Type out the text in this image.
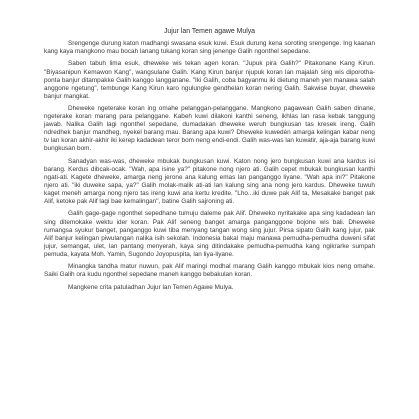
Jujur lan Temen agawe Mulya

Srengenge durung katon madhangi swasana esuk kuwi. Esuk durung kena soroting srengenge. Ing kaanan kang kaya mangkono mau bocah lanang tukang koran sing jenenge Galih ngonthel sepedane.

Saben tabuh lima esuk, dheweke wis tekan agen koran. "Jupuk pira Galih?" Pitakonane Kang Kirun. "Biyasanipun Kemawon Kang", wangsulane Galih. Kang Kirun banjur njupuk koran lan majalah sing wis diporotha-ponta banjur ditampakke Galih kanggo langganane. "Iki Galih, coba bagyanmu iki dietung maneh yen manawa salah anggone ngetung", tembunge Kang Kirun karo ngulungke gendhelan koran nering Galih. Sakwise buyar, dheweke banjur mangkat.

Dheweke ngeterake koran ing omahe pelanggan-pelanggane. Mangkono pagawean Galih saben dinane, ngeterake koran marang para pelanggane. Kabeh kuwi dilakoni kanthi seneng, ikhlas lan rasa kebak tanggung jawab. Nalika Galih lagi ngonthel sepedane, dumadakan dheweke weruh bungkusan tas kresek ireng. Galih ndredhek banjur mandheg, nyekel barang mau. Barang apa kuwi? Dheweke kuwedén amarga kelingan kabar neng tv lan koran akhir-akhir iki kerep kadadean teror bom neng endi-endi. Galih was-was lan kuwatir, aja-aja barang kuwi bungkusan bom.

Sanadyan was-was, dheweke mbukak bungkusan kuwi. Katon nong jero bungkusan kuwi ana kardus isi barang. Kerdus dibcak-ocak. "Wah, apa isine ya?" pitakone nong njero ati. Galih cepet mbukak bungkusan kanthi ngati-ati. Kagete dheweke, amarga neng jerone ana kalung emas lan panganggo liyane. "Wah apa ini?" Pitakone njero ati. "iki duweke sapa, ya?" Galih molak-malik ati-ati lan kalung sing ana nong jero kardus. Dheweke tuwuh kaget meneh amarga nong njero tas ireng kuwi ana kertu kredite. "Lho...iki duwe pak Alif ta, Mesakake banget pak Alif, ketoke pak Alif lagi bae kemalingan", batine Galih sajroning ati.

Galih gage-gage ngonthel sepedhane tumuju daleme pak Alif. Dheweko nyritakake apa sing kadadean lan sing ditemokake wektu ider koran. Pak Alif seneng banget amarga panganggone bojone wis bali. Dheweke rumangsa syukur banget, panganggo kuwi tiba menyang tangan wong sing jujur. Pirsa sipato Galih kang jujur, pak Alif banjur kelingan piwulangan nalika isih sekolah. Indonesia bakal maju manawa pemudha-pemudha duweni sifat jujur, semangat, ulet, lan pantang menyerah, kaya sing ditindakake pemudha-pemudha kang ngikrarke sumpah pemuda, kayata Moh. Yamin, Sugondo Joyopuspita, lan liya-liyane.

Minangka tandha matur nuwun, pak Alif maringi modhal marang Galih kanggo mbukak kios neng omahe. Saiki Galih ora kudu ngonthel sepedane maneh kanggo bebakulan koran.

Mangkene crita patuladhan Jujur lan Temen Agawe Mulya.
